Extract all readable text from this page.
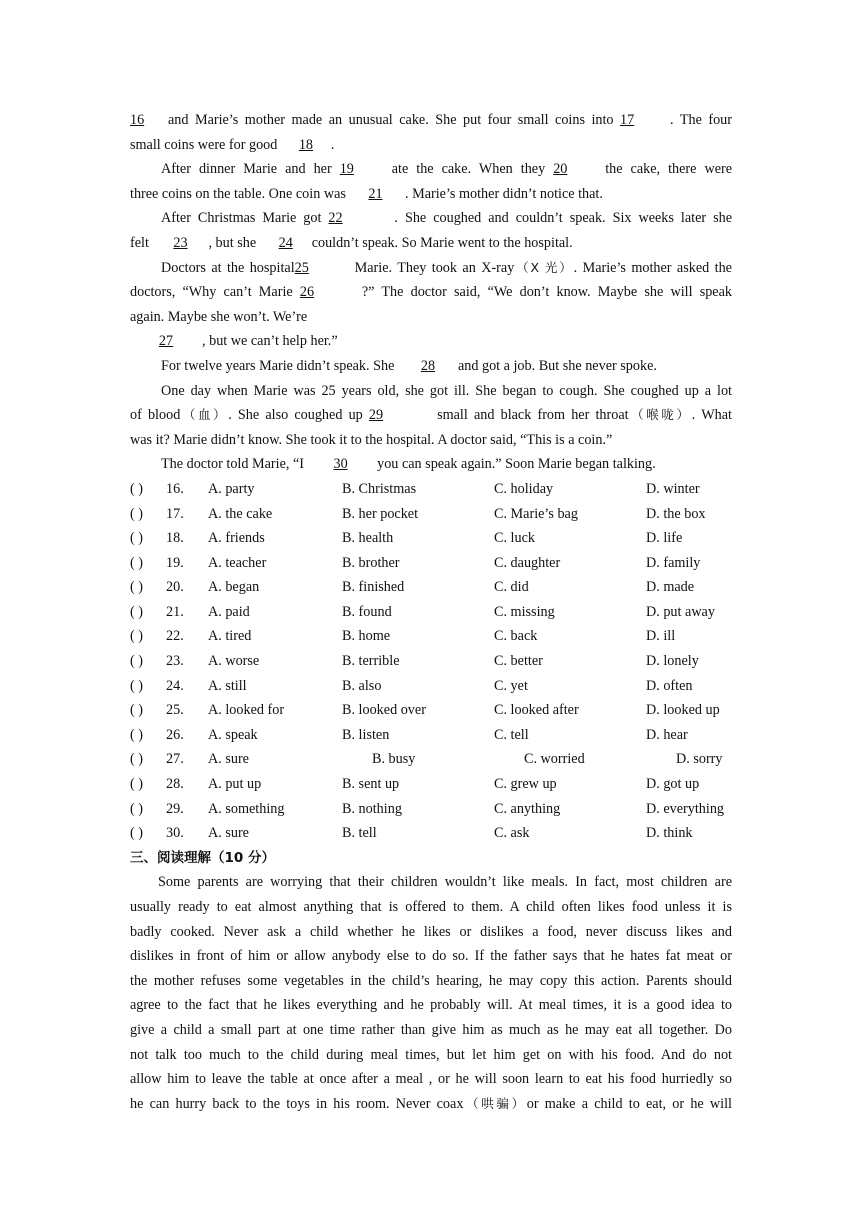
16 and Marie’s mother made an unusual cake. She put four small coins into 17	. The four
small coins were for good 18 .
After dinner Marie and her 19	ate the cake. When they 20	the cake, there were
three coins on the table. One coin was 21 . Marie’s mother didn’t notice that.
After Christmas Marie got 22	. She coughed and couldn’t speak. Six weeks later she
felt 23 , but she 24 couldn’t speak. So Marie went to the hospital.
Doctors at the hospital25	Marie. They took an X-ray（X 光）. Marie’s mother asked the
doctors, “Why can’t Marie 26	?” The doctor said, “We don’t know. Maybe she will speak
again. Maybe she won’t. We’re
27 , but we can’t help her.”
For twelve years Marie didn’t speak. She 28 and got a job. But she never spoke.
One day when Marie was 25 years old, she got ill. She began to cough. She coughed up a lot
of blood（血）. She also coughed up 29	small and black from her throat（喉咙）. What
was it? Marie didn’t know. She took it to the hospital. A doctor said, “This is a coin.”
The doctor told Marie, “I 30 you can speak again.” Soon Marie began talking.
( ) 16. A. party	B. Christmas	C. holiday	D. winter
( ) 17. A. the cake	B. her pocket	C. Marie’s bag	D. the box
( ) 18. A. friends	B. health	C. luck	D. life
( ) 19. A. teacher	B. brother	C. daughter	D. family
( ) 20. A. began	B. finished	C. did	D. made
( ) 21. A. paid	B. found	C. missing	D. put away
( ) 22. A. tired	B. home	C. back	D. ill
( ) 23. A. worse	B. terrible	C. better	D. lonely
( ) 24. A. still	B. also	C. yet	D. often
( ) 25. A. looked for	B. looked over	C. looked after	D. looked up
( ) 26. A. speak	B. listen	C. tell	D. hear
( ) 27. A. sure	B. busy	C. worried	D. sorry
( ) 28. A. put up	B. sent up	C. grew up	D. got up
( ) 29. A. something	B. nothing	C. anything	D. everything
( ) 30. A. sure	B. tell	C. ask	D. think
三、阅读理解（10 分）
Some parents are worrying that their children wouldn’t like meals. In fact, most children are
usually ready to eat almost anything that is offered to them. A child often likes food unless it is
badly cooked. Never ask a child whether he likes or dislikes a food, never discuss likes and
dislikes in front of him or allow anybody else to do so. If the father says that he hates fat meat or
the mother refuses some vegetables in the child’s hearing, he may copy this action. Parents should
agree to the fact that he likes everything and he probably will. At meal times, it is a good idea to
give a child a small part at one time rather than give him as much as he may eat all together. Do
not talk too much to the child during meal times, but let him get on with his food. And do not
allow him to leave the table at once after a meal , or he will soon learn to eat his food hurriedly so
he can hurry back to the toys in his room. Never coax（哄骗）or make a child to eat, or he will
